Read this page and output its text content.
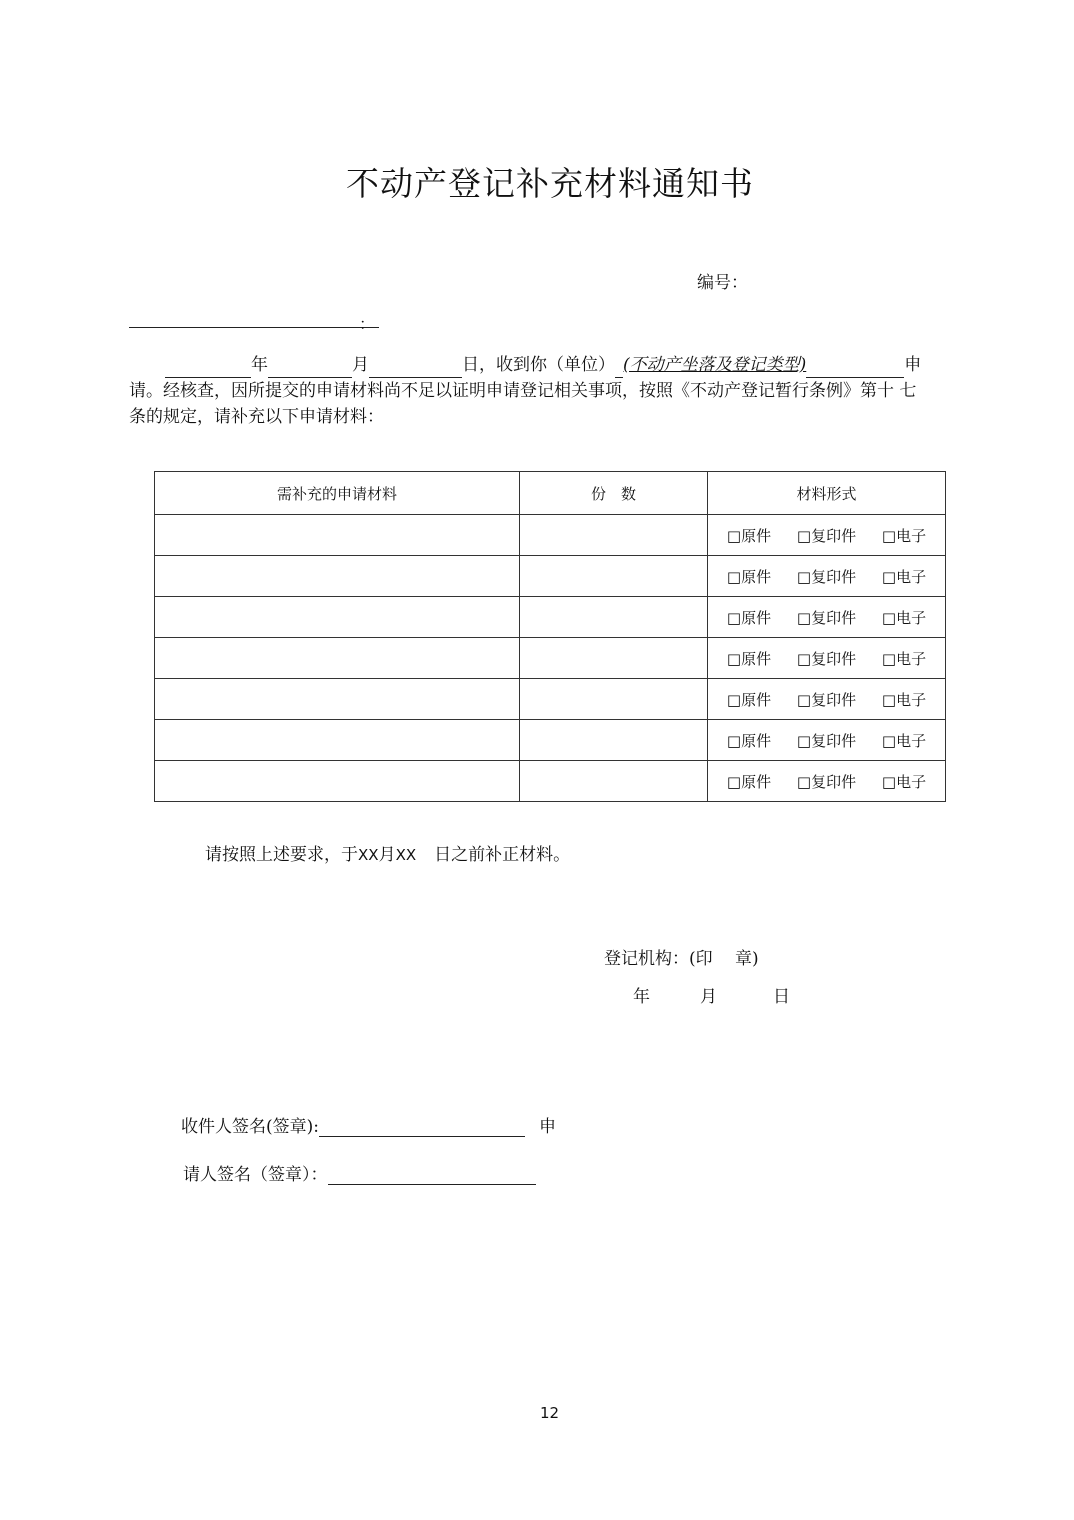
不动产登记补充材料通知书
编号：
：
年	月	日，收到你（单位） (不动产坐落及登记类型)	申
请。经核查，因所提交的申请材料尚不足以证明申请登记相关事项，按照《不动产登记暂行条例》第十 七
条的规定，请补充以下申请材料：
需补充的申请材料	份　数	材料形式

		□原件 □复印件 □电子

		□原件 □复印件 □电子

		□原件 □复印件 □电子

		□原件 □复印件 □电子

		□原件 □复印件 □电子

		□原件 □复印件 □电子

		□原件 □复印件 □电子
请按照上述要求，于XX月XX 日之前补正材料。
登记机构：(印　 章)
年	月	日
收件人签名(签章):	申
请人签名（签章）：
12
